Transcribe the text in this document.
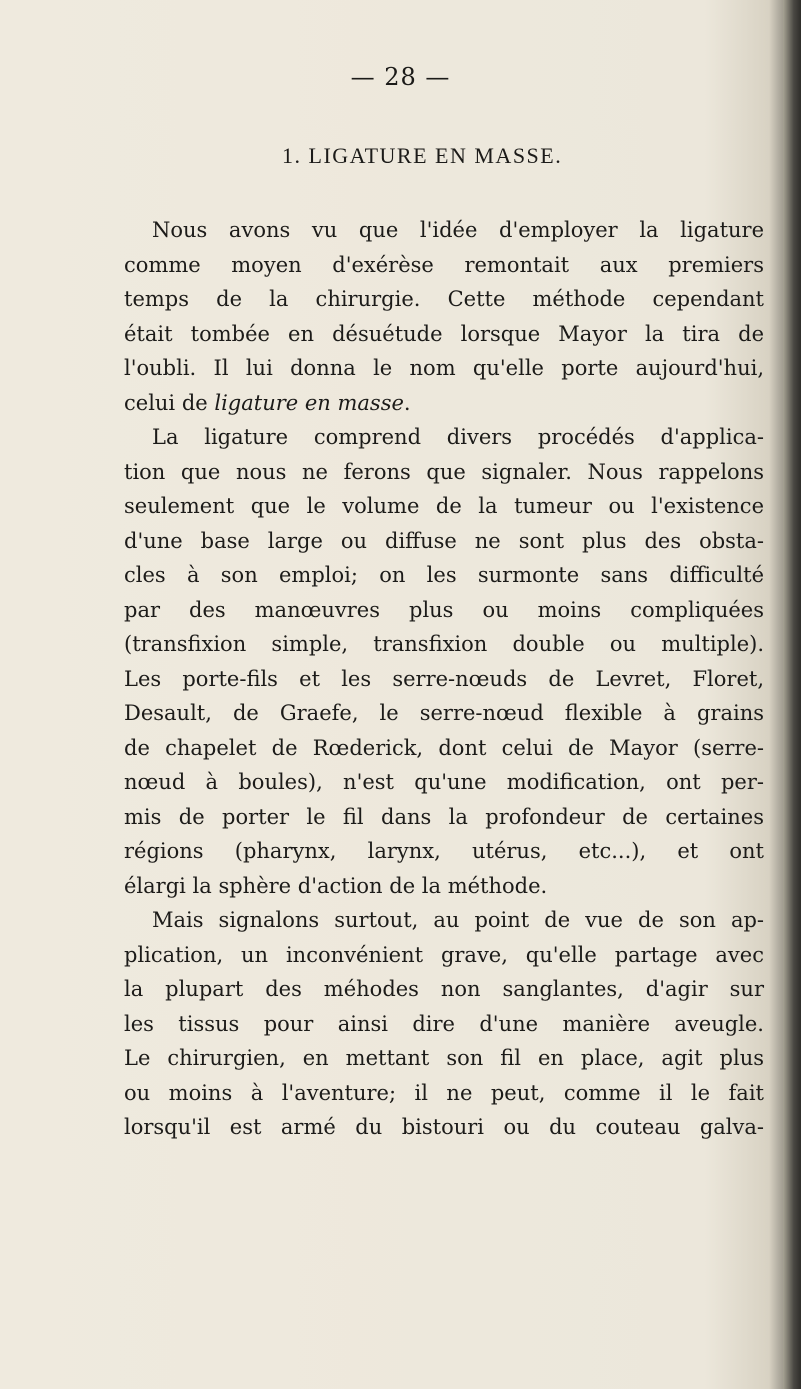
— 28 —
1. LIGATURE EN MASSE.
Nous avons vu que l'idée d'employer la ligature
comme moyen d'exérèse remontait aux premiers
temps de la chirurgie. Cette méthode cependant
était tombée en désuétude lorsque Mayor la tira de
l'oubli. Il lui donna le nom qu'elle porte aujourd'hui,
celui de ligature en masse.
La ligature comprend divers procédés d'applica-
tion que nous ne ferons que signaler. Nous rappelons
seulement que le volume de la tumeur ou l'existence
d'une base large ou diffuse ne sont plus des obsta-
cles à son emploi; on les surmonte sans difficulté
par des manœuvres plus ou moins compliquées
(transfixion simple, transfixion double ou multiple).
Les porte-fils et les serre-nœuds de Levret, Floret,
Desault, de Graefe, le serre-nœud flexible à grains
de chapelet de Rœderick, dont celui de Mayor (serre-
nœud à boules), n'est qu'une modification, ont per-
mis de porter le fil dans la profondeur de certaines
régions (pharynx, larynx, utérus, etc...), et ont
élargi la sphère d'action de la méthode.
Mais signalons surtout, au point de vue de son ap-
plication, un inconvénient grave, qu'elle partage avec
la plupart des méhodes non sanglantes, d'agir sur
les tissus pour ainsi dire d'une manière aveugle.
Le chirurgien, en mettant son fil en place, agit plus
ou moins à l'aventure; il ne peut, comme il le fait
lorsqu'il est armé du bistouri ou du couteau galva-
